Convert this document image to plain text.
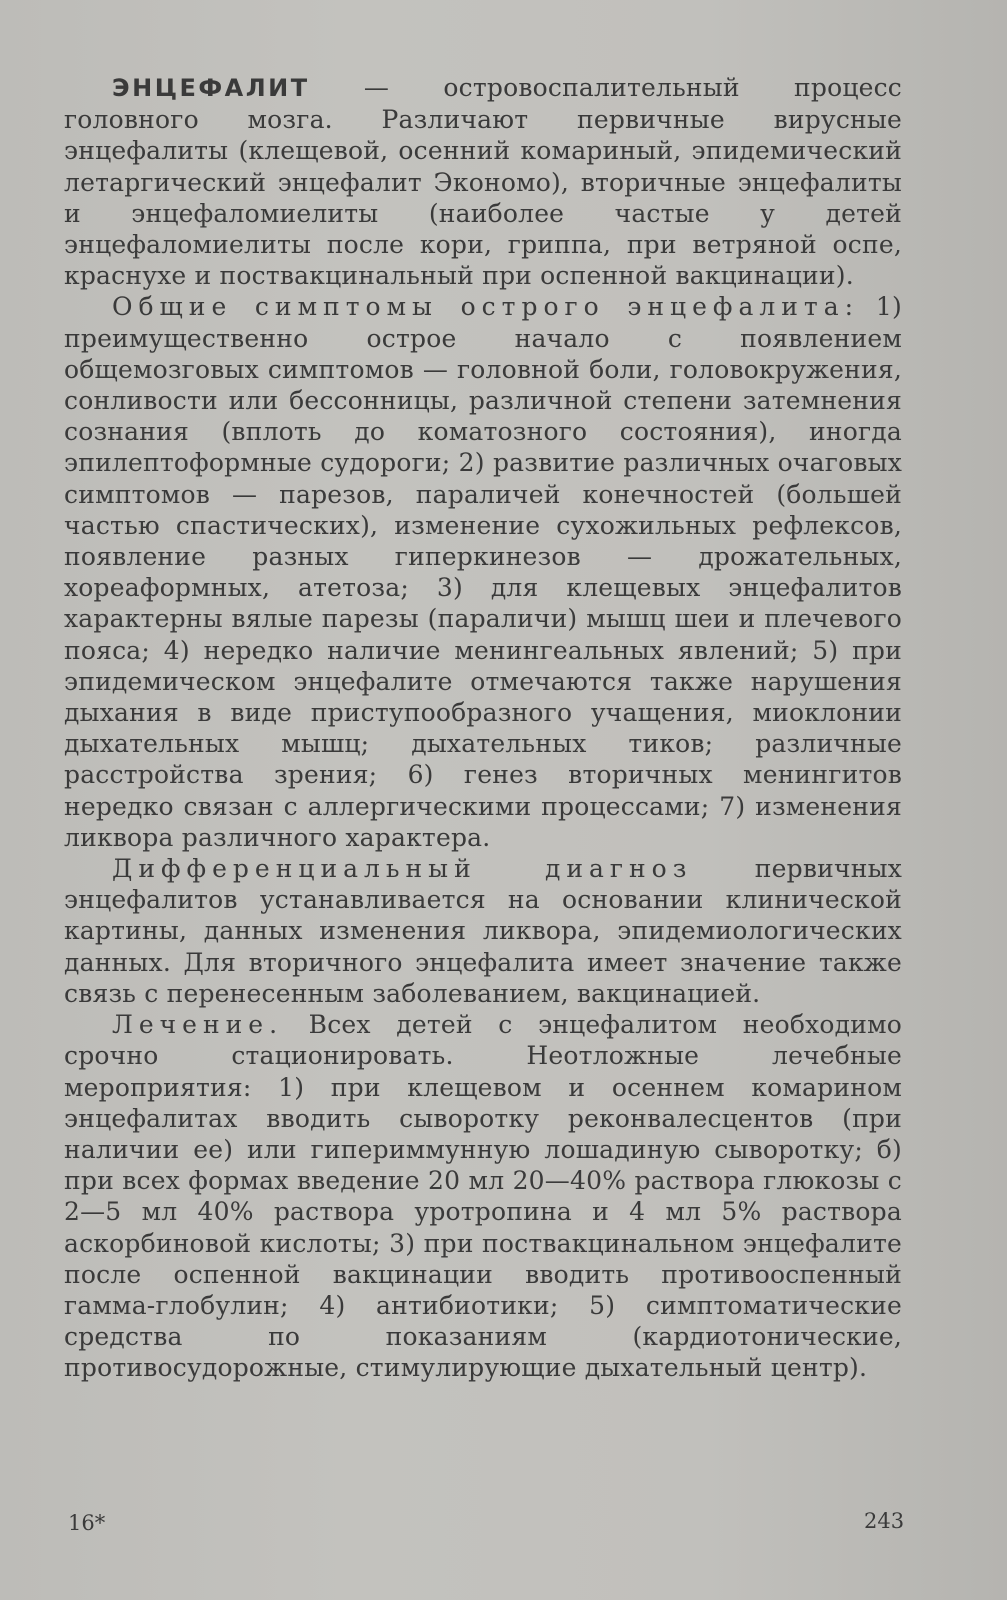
ЭНЦЕФАЛИТ — островоспалительный процесс головного мозга. Различают первичные вирусные энцефалиты (клещевой, осенний комариный, эпидемический летаргический энцефалит Экономо), вторичные энцефалиты и энцефаломиелиты (наиболее частые у детей энцефаломиелиты после кори, гриппа, при ветряной оспе, краснухе и поствакцинальный при оспенной вакцинации).

Общие симптомы острого энцефалита: 1) преимущественно острое начало с появлением общемозговых симптомов — головной боли, головокружения, сонливости или бессонницы, различной степени затемнения сознания (вплоть до коматозного состояния), иногда эпилептоформные судороги; 2) развитие различных очаговых симптомов — парезов, параличей конечностей (большей частью спастических), изменение сухожильных рефлексов, появление разных гиперкинезов — дрожательных, хореаформных, атетоза; 3) для клещевых энцефалитов характерны вялые парезы (параличи) мышц шеи и плечевого пояса; 4) нередко наличие менингеальных явлений; 5) при эпидемическом энцефалите отмечаются также нарушения дыхания в виде приступообразного учащения, миоклонии дыхательных мышц; дыхательных тиков; различные расстройства зрения; 6) генез вторичных менингитов нередко связан с аллергическими процессами; 7) изменения ликвора различного характера.

Дифференциальный диагноз первичных энцефалитов устанавливается на основании клинической картины, данных изменения ликвора, эпидемиологических данных. Для вторичного энцефалита имеет значение также связь с перенесенным заболеванием, вакцинацией.

Лечение. Всех детей с энцефалитом необходимо срочно стационировать. Неотложные лечебные мероприятия: 1) при клещевом и осеннем комарином энцефалитах вводить сыворотку реконвалесцентов (при наличии ее) или гипериммунную лошадиную сыворотку; б) при всех формах введение 20 мл 20—40% раствора глюкозы с 2—5 мл 40% раствора уротропина и 4 мл 5% раствора аскорбиновой кислоты; 3) при поствакцинальном энцефалите после оспенной вакцинации вводить противооспенный гамма-глобулин; 4) антибиотики; 5) симптоматические средства по показаниям (кардиотонические, противосудорожные, стимулирующие дыхательный центр).

16*	243
